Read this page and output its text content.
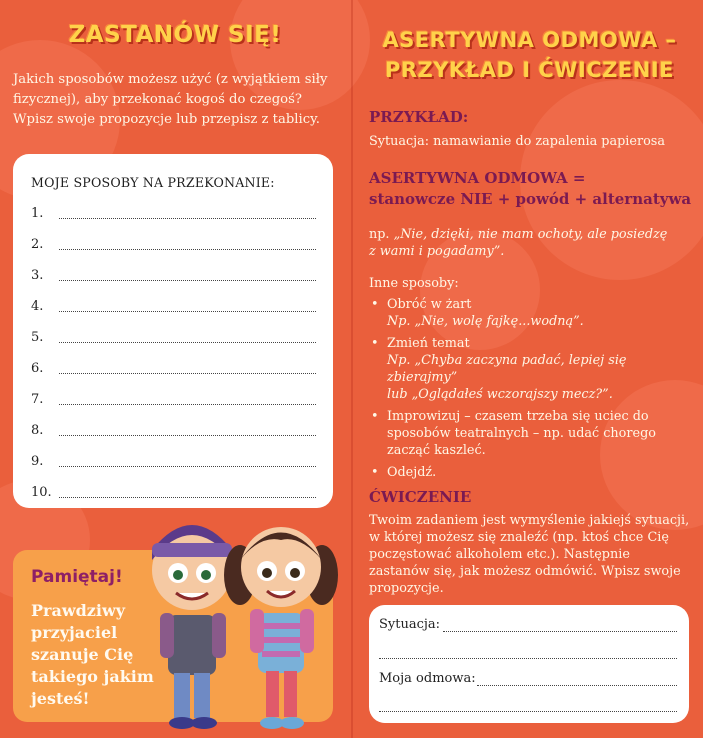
ZASTANÓW SIĘ!
Jakich sposobów możesz użyć (z wyjątkiem siły fizycznej), aby przekonać kogoś do czegoś? Wpisz swoje propozycje lub przepisz z tablicy.
MOJE SPOSOBY NA PRZEKONANIE:
1.
2.
3.
4.
5.
6.
7.
8.
9.
10.
Pamiętaj!
Prawdziwy przyjaciel szanuje Cię takiego jakim jesteś!
ASERTYWNA ODMOWA –
PRZYKŁAD I ĆWICZENIE
PRZYKŁAD:
Sytuacja: namawianie do zapalenia papierosa
ASERTYWNA ODMOWA =
stanowcze NIE + powód + alternatywa
np. „Nie, dzięki, nie mam ochoty, ale posiedzę
z wami i pogadamy”.
Inne sposoby:
• Obróć w żart
Np. „Nie, wolę fajkę...wodną”.
• Zmień temat
Np. „Chyba zaczyna padać, lepiej się zbierajmy”
lub „Oglądałeś wczorajszy mecz?”.
• Improwizuj – czasem trzeba się uciec do sposobów teatralnych – np. udać chorego zacząć kaszleć.
• Odejdź.
ĆWICZENIE
Twoim zadaniem jest wymyślenie jakiejś sytuacji, w której możesz się znaleźć (np. ktoś chce Cię poczęstować alkoholem etc.). Następnie zastanów się, jak możesz odmówić. Wpisz swoje propozycje.
Sytuacja:
Moja odmowa:
